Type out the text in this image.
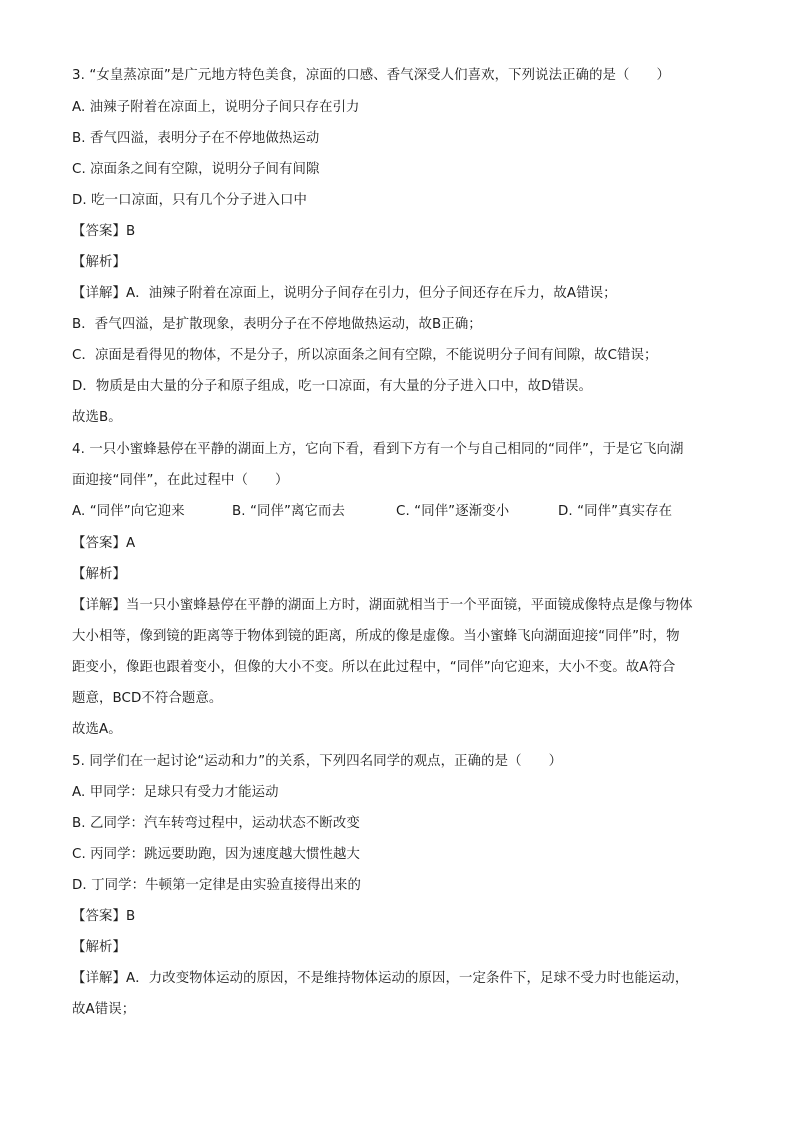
3. “女皇蒸凉面”是广元地方特色美食，凉面的口感、香气深受人们喜欢，下列说法正确的是（　　）
A. 油辣子附着在凉面上，说明分子间只存在引力
B. 香气四溢，表明分子在不停地做热运动
C. 凉面条之间有空隙，说明分子间有间隙
D. 吃一口凉面，只有几个分子进入口中
【答案】B
【解析】
【详解】A．油辣子附着在凉面上，说明分子间存在引力，但分子间还存在斥力，故A错误；
B．香气四溢，是扩散现象，表明分子在不停地做热运动，故B正确；
C．凉面是看得见的物体，不是分子，所以凉面条之间有空隙，不能说明分子间有间隙，故C错误；
D．物质是由大量的分子和原子组成，吃一口凉面，有大量的分子进入口中，故D错误。
故选B。
4. 一只小蜜蜂悬停在平静的湖面上方，它向下看，看到下方有一个与自己相同的“同伴”，于是它飞向湖
面迎接“同伴”，在此过程中（　　）
A. “同伴”向它迎来	B. “同伴”离它而去	C. “同伴”逐渐变小	D. “同伴”真实存在
【答案】A
【解析】
【详解】当一只小蜜蜂悬停在平静的湖面上方时，湖面就相当于一个平面镜，平面镜成像特点是像与物体
大小相等，像到镜的距离等于物体到镜的距离，所成的像是虚像。当小蜜蜂飞向湖面迎接“同伴”时，物
距变小，像距也跟着变小，但像的大小不变。所以在此过程中，“同伴”向它迎来，大小不变。故A符合
题意，BCD不符合题意。
故选A。
5. 同学们在一起讨论“运动和力”的关系，下列四名同学的观点，正确的是（　　）
A. 甲同学：足球只有受力才能运动
B. 乙同学：汽车转弯过程中，运动状态不断改变
C. 丙同学：跳远要助跑，因为速度越大惯性越大
D. 丁同学：牛顿第一定律是由实验直接得出来的
【答案】B
【解析】
【详解】A．力改变物体运动的原因，不是维持物体运动的原因，一定条件下，足球不受力时也能运动，
故A错误；
